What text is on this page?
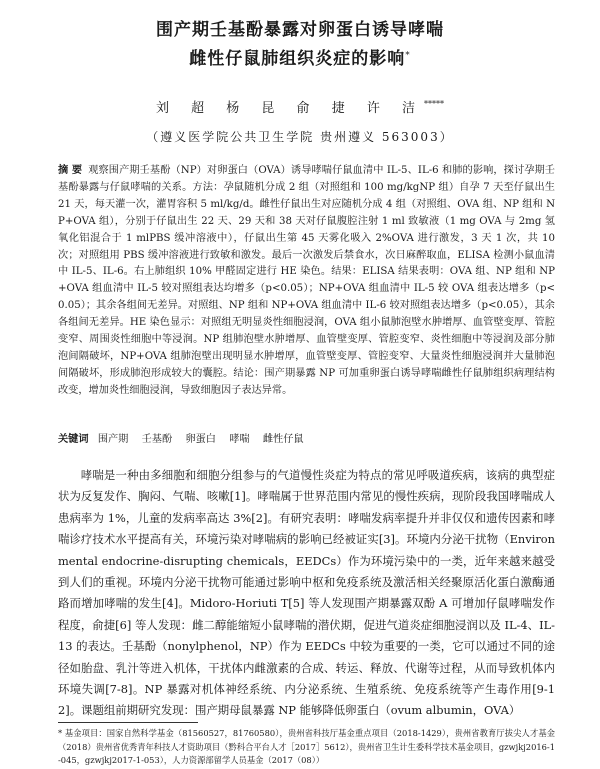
围产期壬基酚暴露对卵蛋白诱导哮喘
雌性仔鼠肺组织炎症的影响*
刘 超 杨 昆 俞 捷 许 洁*****
（遵义医学院公共卫生学院 贵州遵义 563003）
摘 要 观察围产期壬基酚（NP）对卵蛋白（OVA）诱导哮喘仔鼠血清中 IL-5、IL-6 和肺的影响，探讨孕期壬基酚暴露与仔鼠哮喘的关系。方法：孕鼠随机分成 2 组（对照组和 100 mg/kgNP 组）自孕 7 天至仔鼠出生 21 天，每天灌一次，灌胃容积 5 ml/kg/d。雌性仔鼠出生对应随机分成 4 组（对照组、OVA 组、NP 组和 NP+OVA 组），分别于仔鼠出生 22 天、29 天和 38 天对仔鼠腹腔注射 1 ml 致敏液（1 mg OVA 与 2mg 氢氧化铝混合于 1 mlPBS 缓冲溶液中），仔鼠出生第 45 天雾化吸入 2%OVA 进行激发，3 天 1 次，共 10 次；对照组用 PBS 缓冲溶液进行致敏和激发。最后一次激发后禁食水，次日麻醉取血，ELISA 检测小鼠血清中 IL-5、IL-6。右上肺组织 10% 甲醛固定进行 HE 染色。结果：ELISA 结果表明：OVA 组、NP 组和 NP+OVA 组血清中 IL-5 较对照组表达均增多（p<0.05）；NP+OVA 组血清中 IL-5 较 OVA 组表达增多（p<0.05）；其余各组间无差异。对照组、NP 组和 NP+OVA 组血清中 IL-6 较对照组表达增多（p<0.05），其余各组间无差异。HE 染色显示：对照组无明显炎性细胞浸润，OVA 组小鼠肺泡壁水肿增厚、血管壁变厚、管腔变窄、周围炎性细胞中等浸润。NP 组肺泡壁水肿增厚、血管壁变厚、管腔变窄、炎性细胞中等浸润及部分肺泡间隔破坏，NP+OVA 组肺泡壁出现明显水肿增厚，血管壁变厚、管腔变窄、大量炎性细胞浸润并大量肺泡间隔破坏，形成肺泡形成较大的囊腔。结论：围产期暴露 NP 可加重卵蛋白诱导哮喘雌性仔鼠肺组织病理结构改变，增加炎性细胞浸润，导致细胞因子表达异常。
关键词 围产期 壬基酚 卵蛋白 哮喘 雌性仔鼠
哮喘是一种由多细胞和细胞分组参与的气道慢性炎症为特点的常见呼吸道疾病，该病的典型症状为反复发作、胸闷、气喘、咳嗽[1]。哮喘属于世界范围内常见的慢性疾病，现阶段我国哮喘成人患病率为 1%，儿童的发病率高达 3%[2]。有研究表明：哮喘发病率提升并非仅仅和遗传因素和哮喘诊疗技术水平提高有关，环境污染对哮喘病的影响已经被证实[3]。环境内分泌干扰物（Environmental endocrine-disrupting chemicals，EEDCs）作为环境污染中的一类，近年来越来越受到人们的重视。环境内分泌干扰物可能通过影响中枢和免疫系统及激活相关经聚原活化蛋白激酶通路而增加哮喘的发生[4]。Midoro-Horiuti T[5] 等人发现围产期暴露双酚 A 可增加仔鼠哮喘发作程度，俞捷[6] 等人发现：雌二醇能缩短小鼠哮喘的潜伏期，促进气道炎症细胞浸润以及 IL-4、IL-13 的表达。壬基酚（nonylphenol，NP）作为 EEDCs 中较为重要的一类，它可以通过不同的途径如胎盘、乳汁等进入机体，干扰体内雌激素的合成、转运、释放、代谢等过程，从而导致机体内环境失调[7-8]。NP 暴露对机体神经系统、内分泌系统、生殖系统、免疫系统等产生毒作用[9-12]。课题组前期研究发现：围产期母鼠暴露 NP 能够降低卵蛋白（ovum albumin，OVA）
* 基金项目：国家自然科学基金（81560527，81760580），贵州省科技厅基金重点项目（2018-1429），贵州省教育厅拔尖人才基金（2018）贵州省优秀青年科技人才资助项目（黔科合平台人才［2017］5612），贵州省卫生计生委科学技术基金项目，gzwjkj2016-1-045，gzwjkj2017-1-053），人力资源部留学人员基金（2017（08））
